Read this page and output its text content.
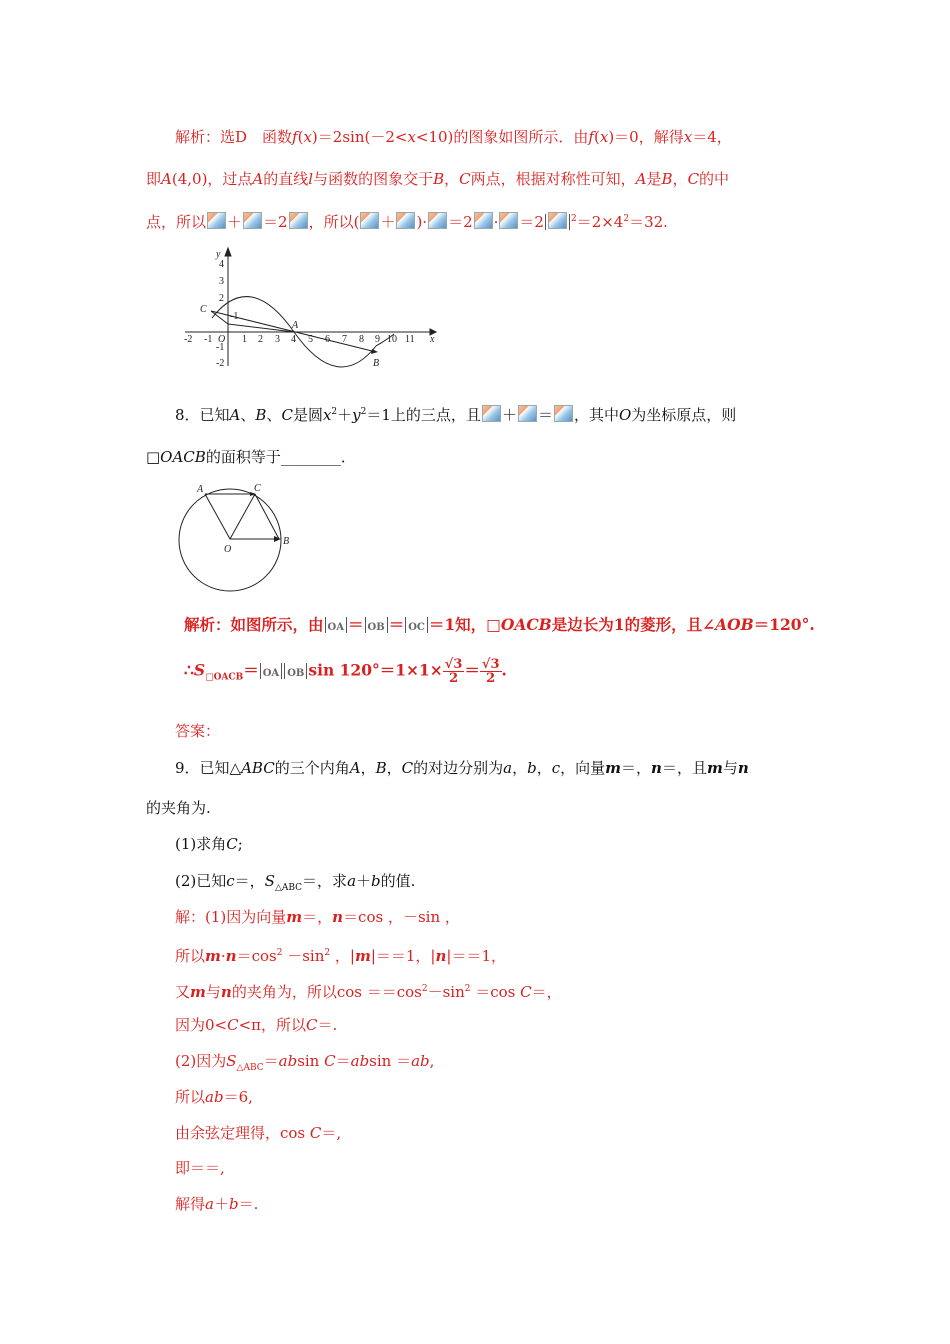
解析：选D　函数f(x)＝2sin(－2<x<10)的图象如图所示．由f(x)＝0，解得x＝4，
即A(4,0)，过点A的直线l与函数的图象交于B，C两点，根据对称性可知，A是B，C的中
点，所以 ＋ ＝2 ，所以( ＋ )· ＝2 · ＝2	$^2=2\times 4^2=32$.
y
x
4
3
2
-1
-1
-2
-2 -1 O 1 2 3 4 5 6 7 8 9 10 11
C
A
B
8．已知A、B、C是圆$x^2+y^2=1$上的三点，且 ＋ ＝ ，其中O为坐标原点，则
□OACB的面积等于________．
A	C
O
B
解析：如图所示，由 OA ＝ OB ＝ OC ＝1知，□OACB是边长为1的菱形，且∠AOB＝120°.
$\therefore S_{□OACB}=$ OA OB $\sin 120^\circ=1\times 1\times \frac{√3}{2} = \frac{√3}{2}$ .
答案：
9．已知△ABC的三个内角A，B，C的对边分别为a，b，c，向量m＝，n＝，且m与n
的夹角为.
(1)求角C;
(2)已知c＝，$S_{\triangle ABC}=$，求a＋b的值.
解：(1)因为向量m＝，n＝cos ，－sin ，
所以$m\cdot n=\cos^2 -\sin^2$ ，|m|＝＝1，|n|＝＝1，
又m与n的夹角为，所以$\cos ==\cos^2-\sin^2 =\cos$ C＝，
因为0<C<π，所以C＝.
(2)因为$S_{\triangle ABC}=absin$ C＝absin ＝ab,
所以ab＝6,
由余弦定理得，cos C＝,
即＝＝,
解得a＋b＝.
